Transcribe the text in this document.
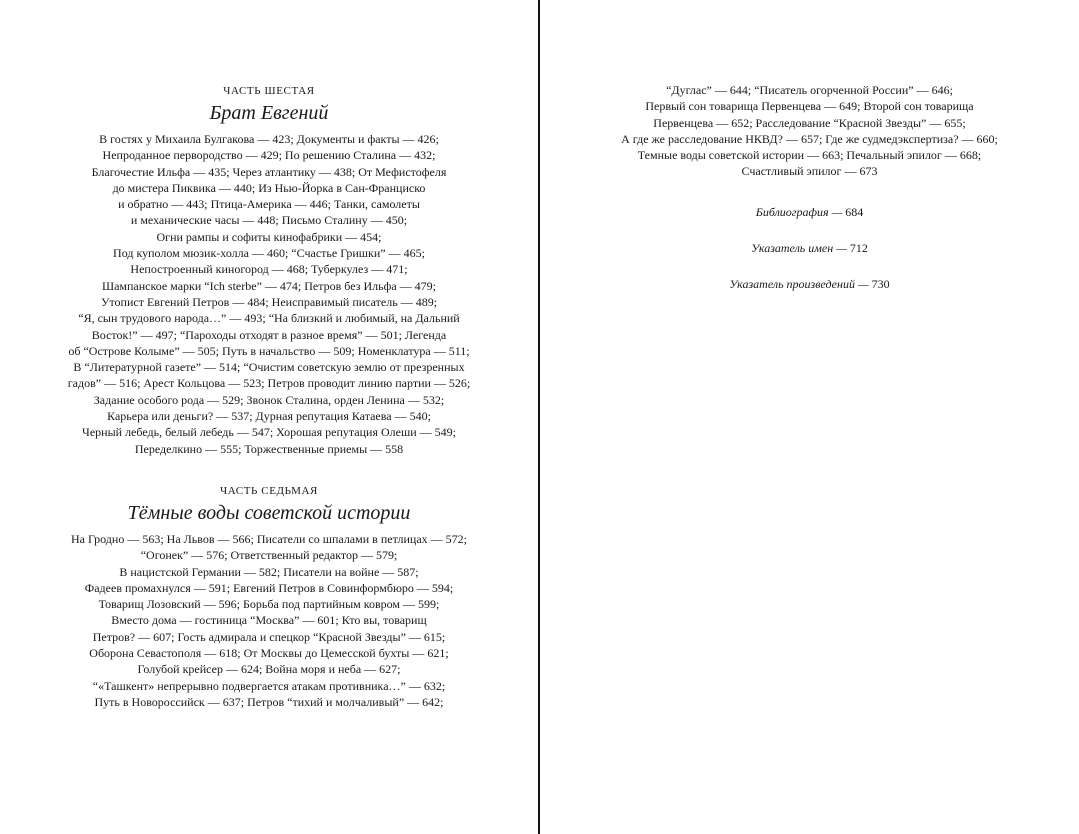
ЧАСТЬ ШЕСТАЯ
Брат Евгений
В гостях у Михаила Булгакова — 423; Документы и факты — 426;
Непроданное первородство — 429; По решению Сталина — 432;
Благочестие Ильфа — 435; Через атлантику — 438; От Мефистофеля
до мистера Пиквика — 440; Из Нью-Йорка в Сан-Франциско
и обратно — 443; Птица-Америка — 446; Танки, самолеты
и механические часы — 448; Письмо Сталину — 450;
Огни рампы и софиты кинофабрики — 454;
Под куполом мюзик-холла — 460; “Счастье Гришки” — 465;
Непостроенный киногород — 468; Туберкулез — 471;
Шампанское марки “Ich sterbe” — 474; Петров без Ильфа — 479;
Утопист Евгений Петров — 484; Неисправимый писатель — 489;
“Я, сын трудового народа…” — 493; “На близкий и любимый, на Дальний
Восток!” — 497; “Пароходы отходят в разное время” — 501; Легенда
об “Острове Колыме” — 505; Путь в начальство — 509; Номенклатура — 511;
В “Литературной газете” — 514; “Очистим советскую землю от презренных
гадов” — 516; Арест Кольцова — 523; Петров проводит линию партии — 526;
Задание особого рода — 529; Звонок Сталина, орден Ленина — 532;
Карьера или деньги? — 537; Дурная репутация Катаева — 540;
Черный лебедь, белый лебедь — 547; Хорошая репутация Олеши — 549;
Переделкино — 555; Торжественные приемы — 558
ЧАСТЬ СЕДЬМАЯ
Тёмные воды советской истории
На Гродно — 563; На Львов — 566; Писатели со шпалами в петлицах — 572;
“Огонек” — 576; Ответственный редактор — 579;
В нацистской Германии — 582; Писатели на войне — 587;
Фадеев промахнулся — 591; Евгений Петров в Совинформбюро — 594;
Товарищ Лозовский — 596; Борьба под партийным ковром — 599;
Вместо дома — гостиница “Москва” — 601; Кто вы, товарищ
Петров? — 607; Гость адмирала и спецкор “Красной Звезды” — 615;
Оборона Севастополя — 618; От Москвы до Цемесской бухты — 621;
Голубой крейсер — 624; Война моря и неба — 627;
“«Ташкент» непрерывно подвергается атакам противника…” — 632;
Путь в Новороссийск — 637; Петров “тихий и молчаливый” — 642;
“Дуглас” — 644; “Писатель огорченной России” — 646;
Первый сон товарища Первенцева — 649; Второй сон товарища
Первенцева — 652; Расследование “Красной Звезды” — 655;
А где же расследование НКВД? — 657; Где же судмедэкспертиза? — 660;
Темные воды советской истории — 663; Печальный эпилог — 668;
Счастливый эпилог — 673
Библиография — 684
Указатель имен — 712
Указатель произведений — 730
